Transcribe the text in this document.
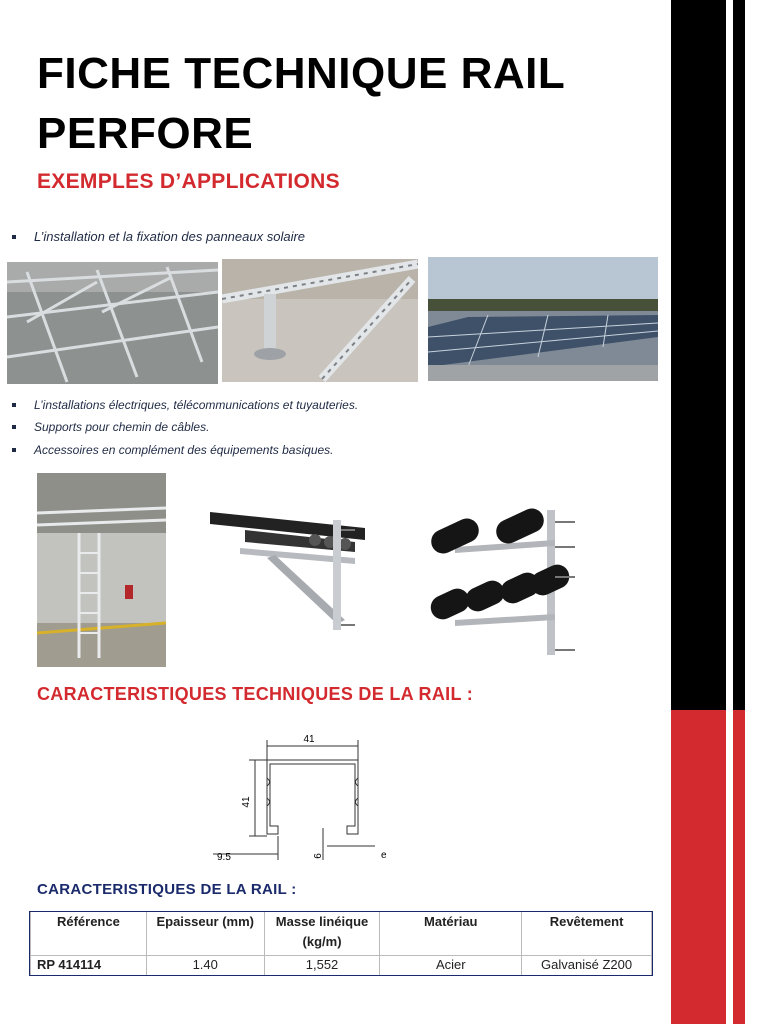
FICHE TECHNIQUE RAIL PERFORE
EXEMPLES D’APPLICATIONS
L’installation et la fixation des panneaux solaire
L’installations électriques, télécommunications et tuyauteries.
Supports pour chemin de câbles.
Accessoires en complément des équipements basiques.
CARACTERISTIQUES TECHNIQUES DE LA RAIL :
41
41
9.5	6	e
CARACTERISTIQUES DE LA RAIL :
Référence	Epaisseur (mm)	Masse linéique (kg/m)	Matériau	Revêtement
RP 414114	1.40	1,552	Acier	Galvanisé Z200
